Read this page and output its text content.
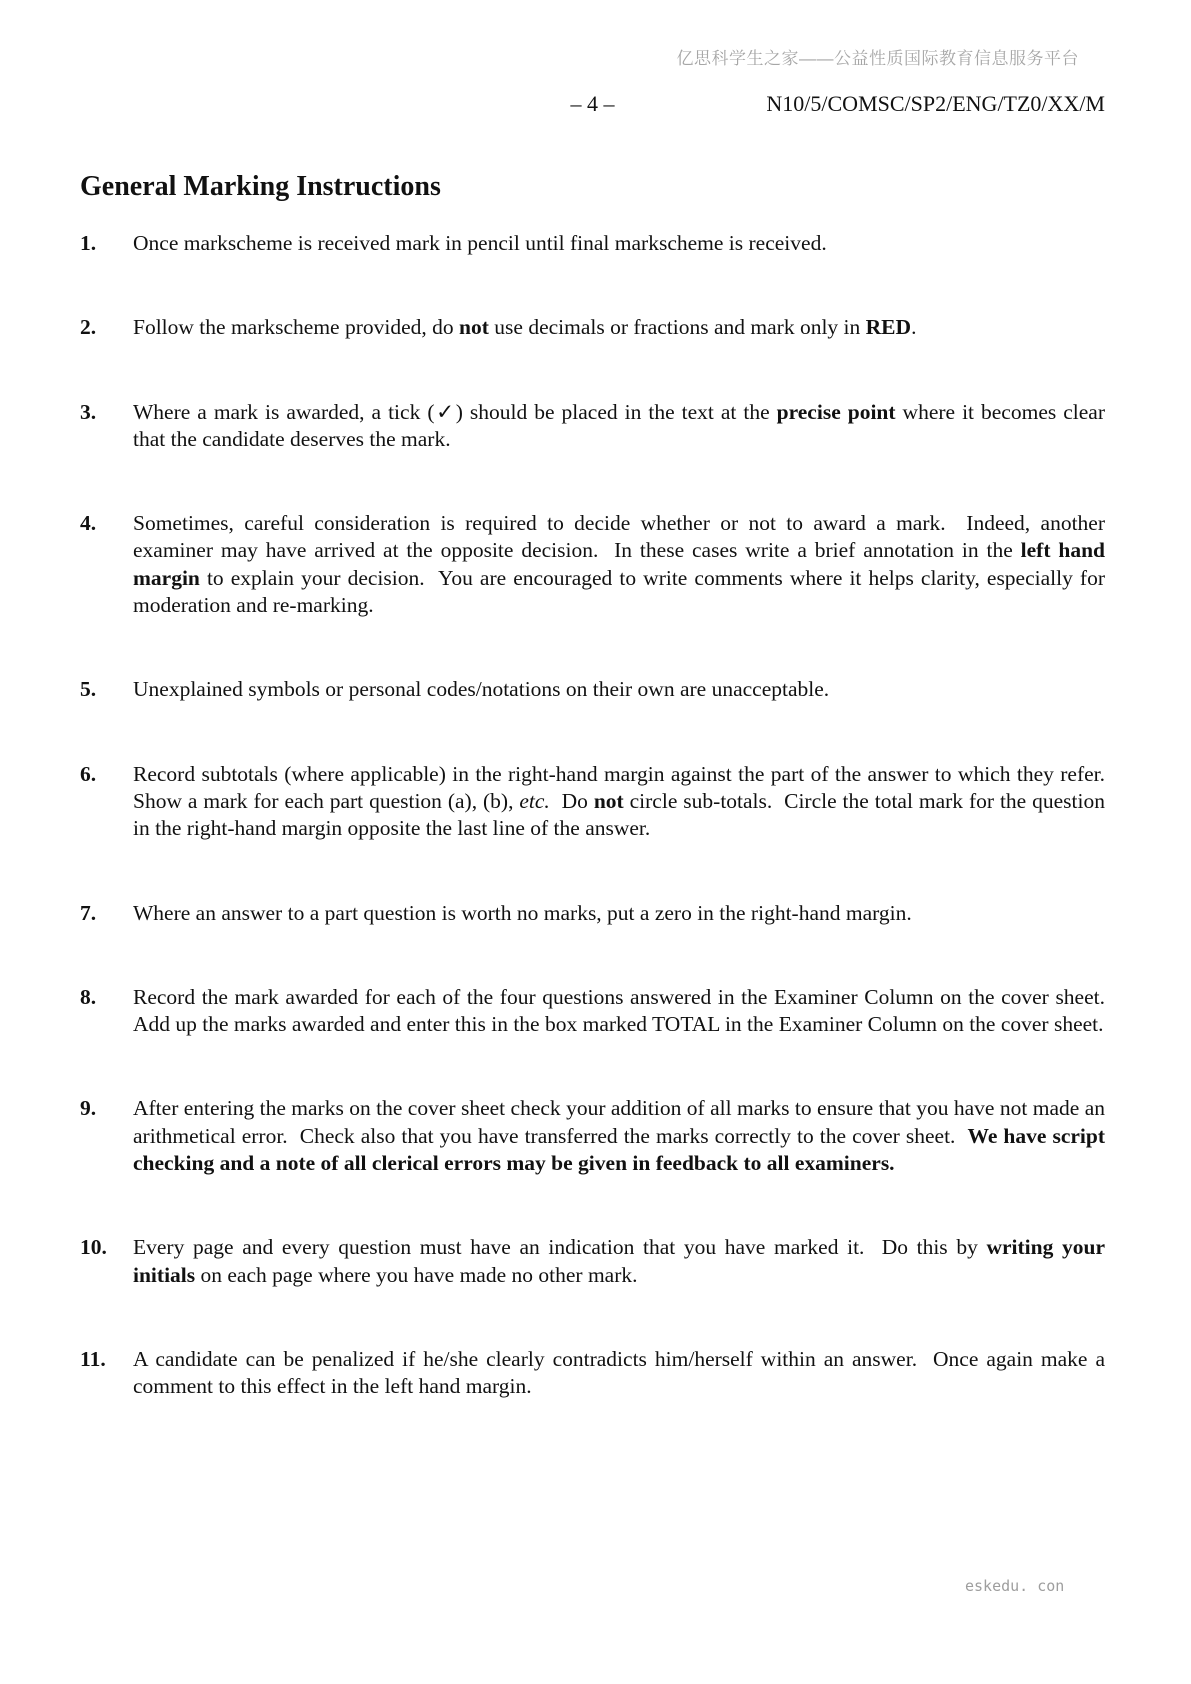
亿思科学生之家——公益性质国际教育信息服务平台
– 4 –	N10/5/COMSC/SP2/ENG/TZ0/XX/M
General Marking Instructions
1.	Once markscheme is received mark in pencil until final markscheme is received.
2.	Follow the markscheme provided, do not use decimals or fractions and mark only in RED.
3.	Where a mark is awarded, a tick (✓) should be placed in the text at the precise point where it becomes clear that the candidate deserves the mark.
4.	Sometimes, careful consideration is required to decide whether or not to award a mark.  Indeed, another examiner may have arrived at the opposite decision.  In these cases write a brief annotation in the left hand margin to explain your decision.  You are encouraged to write comments where it helps clarity, especially for moderation and re-marking.
5.	Unexplained symbols or personal codes/notations on their own are unacceptable.
6.	Record subtotals (where applicable) in the right-hand margin against the part of the answer to which they refer.  Show a mark for each part question (a), (b), etc.  Do not circle sub-totals.  Circle the total mark for the question in the right-hand margin opposite the last line of the answer.
7.	Where an answer to a part question is worth no marks, put a zero in the right-hand margin.
8.	Record the mark awarded for each of the four questions answered in the Examiner Column on the cover sheet.  Add up the marks awarded and enter this in the box marked TOTAL in the Examiner Column on the cover sheet.
9.	After entering the marks on the cover sheet check your addition of all marks to ensure that you have not made an arithmetical error.  Check also that you have transferred the marks correctly to the cover sheet.  We have script checking and a note of all clerical errors may be given in feedback to all examiners.
10.	Every page and every question must have an indication that you have marked it.  Do this by writing your initials on each page where you have made no other mark.
11.	A candidate can be penalized if he/she clearly contradicts him/herself within an answer.  Once again make a comment to this effect in the left hand margin.
eskedu. con
